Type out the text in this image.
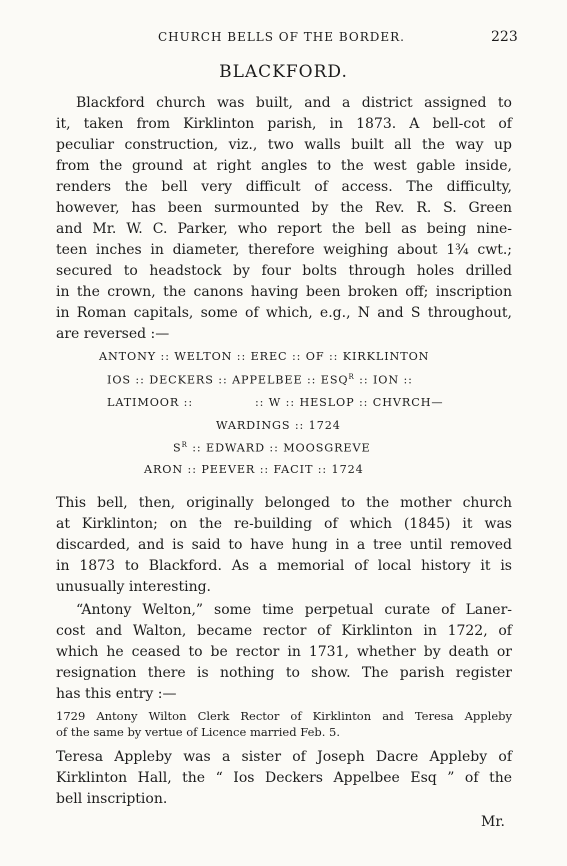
CHURCH BELLS OF THE BORDER.	223
BLACKFORD.
Blackford church was built, and a district assigned to
it, taken from Kirklinton parish, in 1873. A bell-cot of
peculiar construction, viz., two walls built all the way up
from the ground at right angles to the west gable inside,
renders the bell very difficult of access. The difficulty,
however, has been surmounted by the Rev. R. S. Green
and Mr. W. C. Parker, who report the bell as being nine-
teen inches in diameter, therefore weighing about 1¾ cwt.;
secured to headstock by four bolts through holes drilled
in the crown, the canons having been broken off; inscription
in Roman capitals, some of which, e.g., N and S throughout,
are reversed :—
ANTONY :: WELTON :: EREC :: OF :: KIRKLINTON
IOS :: DECKERS :: APPELBEE :: $ESQ^R$ :: ION ::
LATIMOOR ::	:: W :: HESLOP :: CHVRCH—
WARDINGS :: 1724
$S^R$ :: EDWARD :: MOOSGREVE
ARON :: PEEVER :: FACIT :: 1724
This bell, then, originally belonged to the mother church
at Kirklinton; on the re-building of which (1845) it was
discarded, and is said to have hung in a tree until removed
in 1873 to Blackford. As a memorial of local history it is
unusually interesting.
“Antony Welton,” some time perpetual curate of Laner-
cost and Walton, became rector of Kirklinton in 1722, of
which he ceased to be rector in 1731, whether by death or
resignation there is nothing to show. The parish register
has this entry :—
1729 Antony Wilton Clerk Rector of Kirklinton and Teresa Appleby
of the same by vertue of Licence married Feb. 5.
Teresa Appleby was a sister of Joseph Dacre Appleby of
Kirklinton Hall, the “ Ios Deckers Appelbee Esq ” of the
bell inscription.
Mr.
